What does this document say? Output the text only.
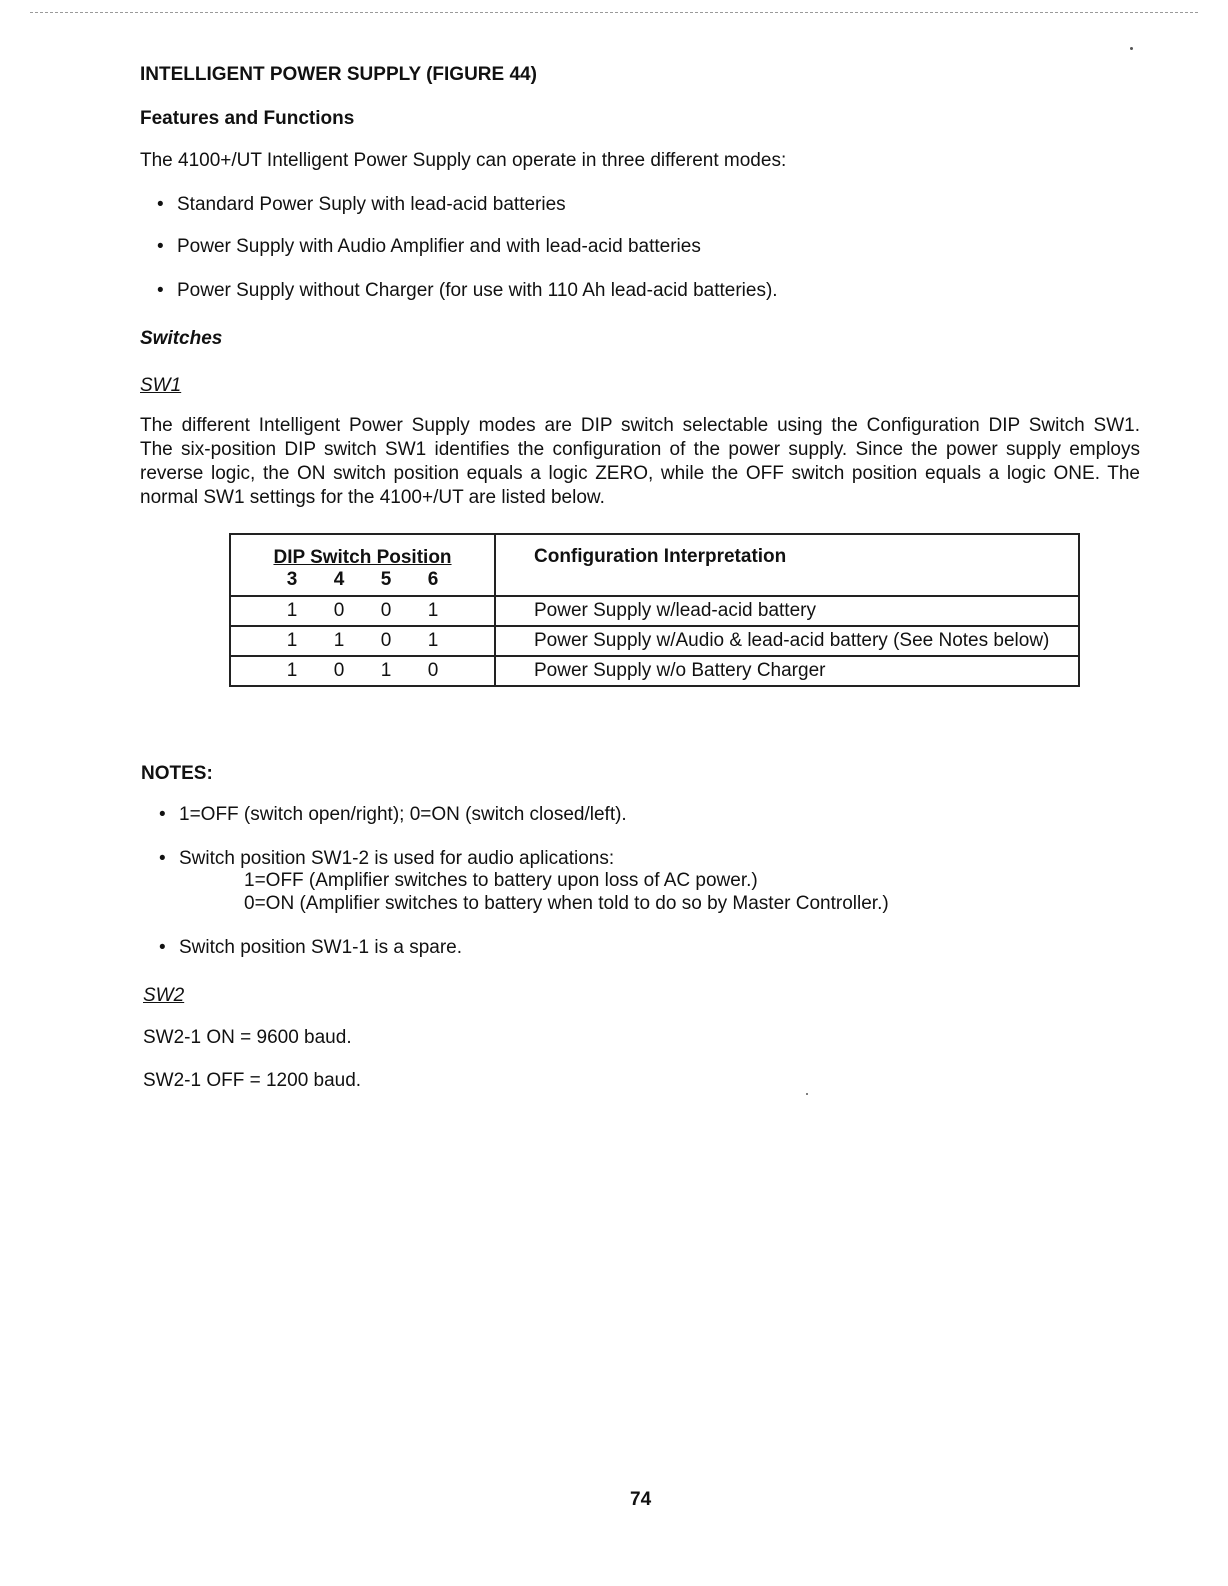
INTELLIGENT POWER SUPPLY (FIGURE 44)
Features and Functions
The 4100+/UT Intelligent Power Supply can operate in three different modes:
• Standard Power Suply with lead-acid batteries
• Power Supply with Audio Amplifier and with lead-acid batteries
• Power Supply without Charger (for use with 110 Ah lead-acid batteries).
Switches
SW1
The different Intelligent Power Supply modes are DIP switch selectable using the Configuration DIP Switch SW1.
The six-position DIP switch SW1 identifies the configuration of the power supply. Since the power supply employs
reverse logic, the ON switch position equals a logic ZERO, while the OFF switch position equals a logic ONE. The
normal SW1 settings for the 4100+/UT are listed below.
DIP Switch Position
3 4 5 6	Configuration Interpretation

1 0 0 1	Power Supply w/lead-acid battery

1 1 0 1	Power Supply w/Audio & lead-acid battery (See Notes below)

1 0 1 0	Power Supply w/o Battery Charger
NOTES:
• 1=OFF (switch open/right); 0=ON (switch closed/left).
• Switch position SW1-2 is used for audio aplications:
1=OFF (Amplifier switches to battery upon loss of AC power.)
0=ON (Amplifier switches to battery when told to do so by Master Controller.)
• Switch position SW1-1 is a spare.
SW2
SW2-1 ON = 9600 baud.
SW2-1 OFF = 1200 baud.
74
